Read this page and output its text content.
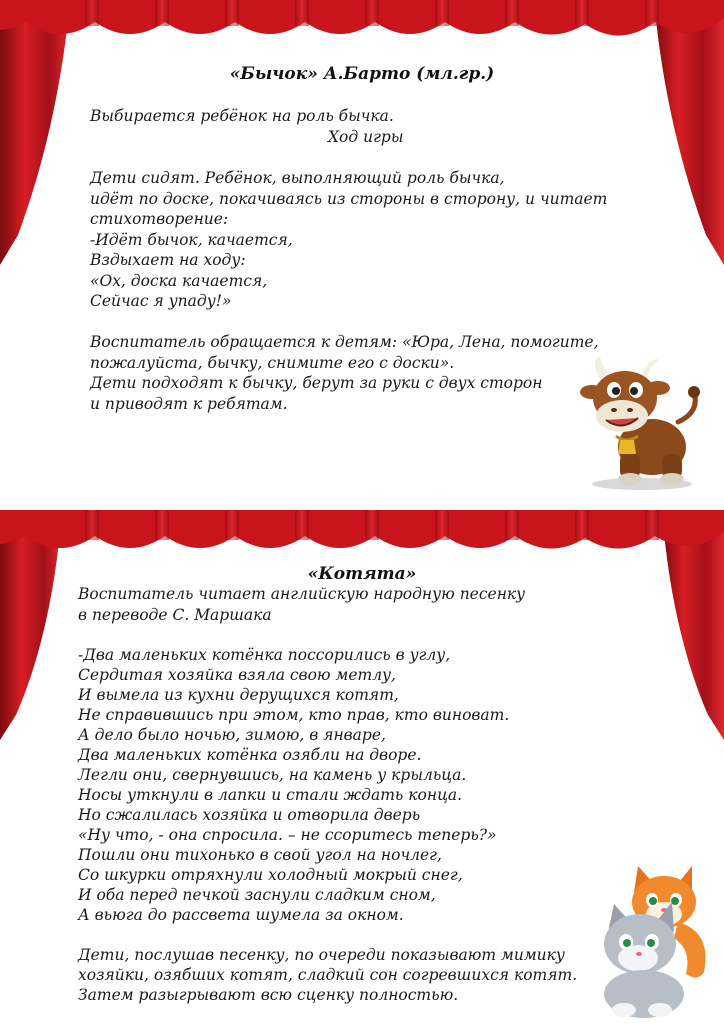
«Бычок» А.Барто (мл.гр.)
Выбирается ребёнок на роль бычка.
Ход игры
Дети сидят. Ребёнок, выполняющий роль бычка,
идёт по доске, покачиваясь из стороны в сторону, и читает
стихотворение:
-Идёт бычок, качается,
Вздыхает на ходу:
«Ох, доска качается,
Сейчас я упаду!»
Воспитатель обращается к детям: «Юра, Лена, помогите,
пожалуйста, бычку, снимите его с доски».
Дети подходят к бычку, берут за руки с двух сторон
и приводят к ребятам.
«Котята»
Воспитатель читает английскую народную песенку
в переводе С. Маршака
-Два маленьких котёнка поссорились в углу,
Сердитая хозяйка взяла свою метлу,
И вымела из кухни дерущихся котят,
Не справившись при этом, кто прав, кто виноват.
А дело было ночью, зимою, в январе,
Два маленьких котёнка озябли на дворе.
Легли они, свернувшись, на камень у крыльца.
Носы уткнули в лапки и стали ждать конца.
Но сжалилась хозяйка и отворила дверь
«Ну что, - она спросила. – не ссоритесь теперь?»
Пошли они тихонько в свой угол на ночлег,
Со шкурки отряхнули холодный мокрый снег,
И оба перед печкой заснули сладким сном,
А вьюга до рассвета шумела за окном.
Дети, послушав песенку, по очереди показывают мимику
хозяйки, озябших котят, сладкий сон согревшихся котят.
Затем разыгрывают всю сценку полностью.
